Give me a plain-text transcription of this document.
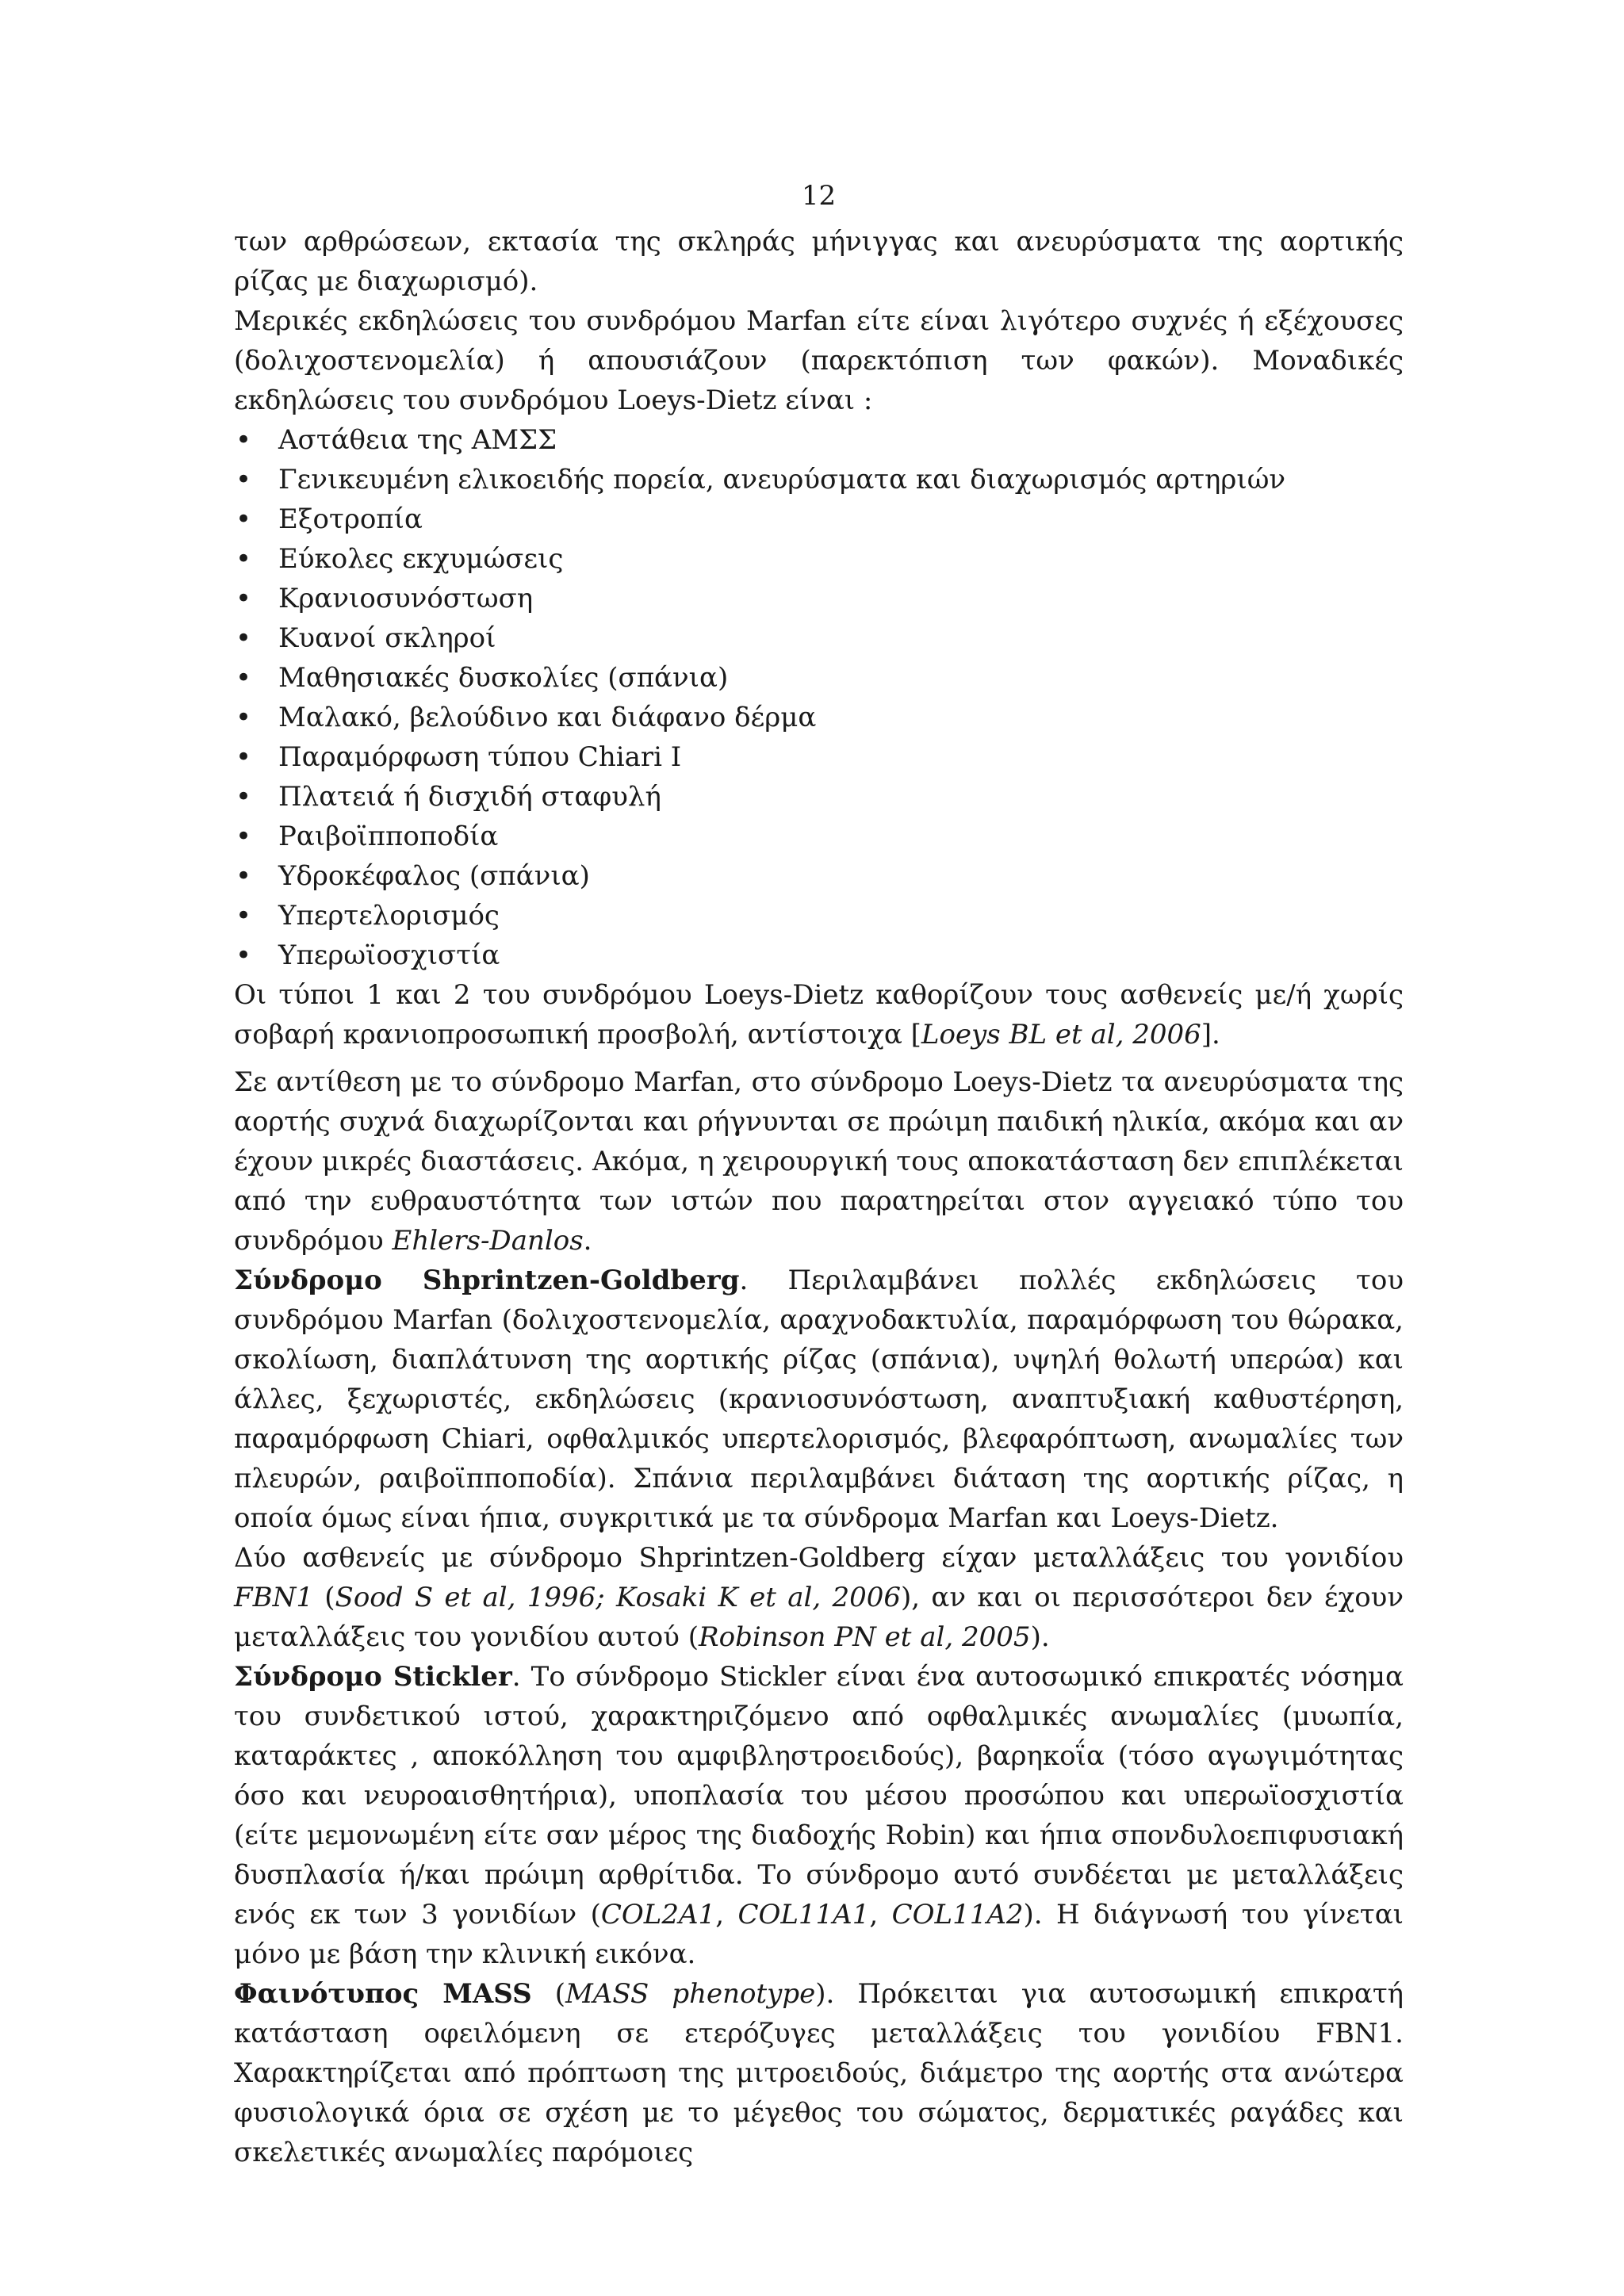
12

των αρθρώσεων, εκτασία της σκληράς μήνιγγας και ανευρύσματα της αορτικής ρίζας με διαχωρισμό).

Μερικές εκδηλώσεις του συνδρόμου Marfan είτε είναι λιγότερο συχνές ή εξέχουσες (δολιχοστενομελία) ή απουσιάζουν (παρεκτόπιση των φακών). Μοναδικές εκδηλώσεις του συνδρόμου Loeys-Dietz είναι :

• Αστάθεια της ΑΜΣΣ
• Γενικευμένη ελικοειδής πορεία, ανευρύσματα και διαχωρισμός αρτηριών
• Εξοτροπία
• Εύκολες εκχυμώσεις
• Κρανιοσυνόστωση
• Κυανοί σκληροί
• Μαθησιακές δυσκολίες (σπάνια)
• Μαλακό, βελούδινο και διάφανο δέρμα
• Παραμόρφωση τύπου Chiari I
• Πλατειά ή δισχιδή σταφυλή
• Ραιβοϊπποποδία
• Υδροκέφαλος (σπάνια)
• Υπερτελορισμός
• Υπερωϊοσχιστία

Οι τύποι 1 και 2 του συνδρόμου Loeys-Dietz καθορίζουν τους ασθενείς με/ή χωρίς σοβαρή κρανιοπροσωπική προσβολή, αντίστοιχα [Loeys BL et al, 2006].

Σε αντίθεση με το σύνδρομο Marfan, στο σύνδρομο Loeys-Dietz τα ανευρύσματα της αορτής συχνά διαχωρίζονται και ρήγνυνται σε πρώιμη παιδική ηλικία, ακόμα και αν έχουν μικρές διαστάσεις. Ακόμα, η χειρουργική τους αποκατάσταση δεν επιπλέκεται από την ευθραυστότητα των ιστών που παρατηρείται στον αγγειακό τύπο του συνδρόμου Ehlers-Danlos.

Σύνδρομο Shprintzen-Goldberg. Περιλαμβάνει πολλές εκδηλώσεις του συνδρόμου Marfan (δολιχοστενομελία, αραχνοδακτυλία, παραμόρφωση του θώρακα, σκολίωση, διαπλάτυνση της αορτικής ρίζας (σπάνια), υψηλή θολωτή υπερώα) και άλλες, ξεχωριστές, εκδηλώσεις (κρανιοσυνόστωση, αναπτυξιακή καθυστέρηση, παραμόρφωση Chiari, οφθαλμικός υπερτελορισμός, βλεφαρόπτωση, ανωμαλίες των πλευρών, ραιβοϊπποποδία). Σπάνια περιλαμβάνει διάταση της αορτικής ρίζας, η οποία όμως είναι ήπια, συγκριτικά με τα σύνδρομα Marfan και Loeys-Dietz.

Δύο ασθενείς με σύνδρομο Shprintzen-Goldberg είχαν μεταλλάξεις του γονιδίου FBN1 (Sood S et al, 1996; Kosaki K et al, 2006), αν και οι περισσότεροι δεν έχουν μεταλλάξεις του γονιδίου αυτού (Robinson PN et al, 2005).

Σύνδρομο Stickler. Το σύνδρομο Stickler είναι ένα αυτοσωμικό επικρατές νόσημα του συνδετικού ιστού, χαρακτηριζόμενο από οφθαλμικές ανωμαλίες (μυωπία, καταράκτες , αποκόλληση του αμφιβληστροειδούς), βαρηκοΐα (τόσο αγωγιμότητας όσο και νευροαισθητήρια), υποπλασία του μέσου προσώπου και υπερωϊοσχιστία (είτε μεμονωμένη είτε σαν μέρος της διαδοχής Robin) και ήπια σπονδυλοεπιφυσιακή δυσπλασία ή/και πρώιμη αρθρίτιδα. Το σύνδρομο αυτό συνδέεται με μεταλλάξεις ενός εκ των 3 γονιδίων (COL2A1, COL11A1, COL11A2). Η διάγνωσή του γίνεται μόνο με βάση την κλινική εικόνα.

Φαινότυπος MASS (MASS phenotype). Πρόκειται για αυτοσωμική επικρατή κατάσταση οφειλόμενη σε ετερόζυγες μεταλλάξεις του γονιδίου FBN1. Χαρακτηρίζεται από πρόπτωση της μιτροειδούς, διάμετρο της αορτής στα ανώτερα φυσιολογικά όρια σε σχέση με το μέγεθος του σώματος, δερματικές ραγάδες και σκελετικές ανωμαλίες παρόμοιες
